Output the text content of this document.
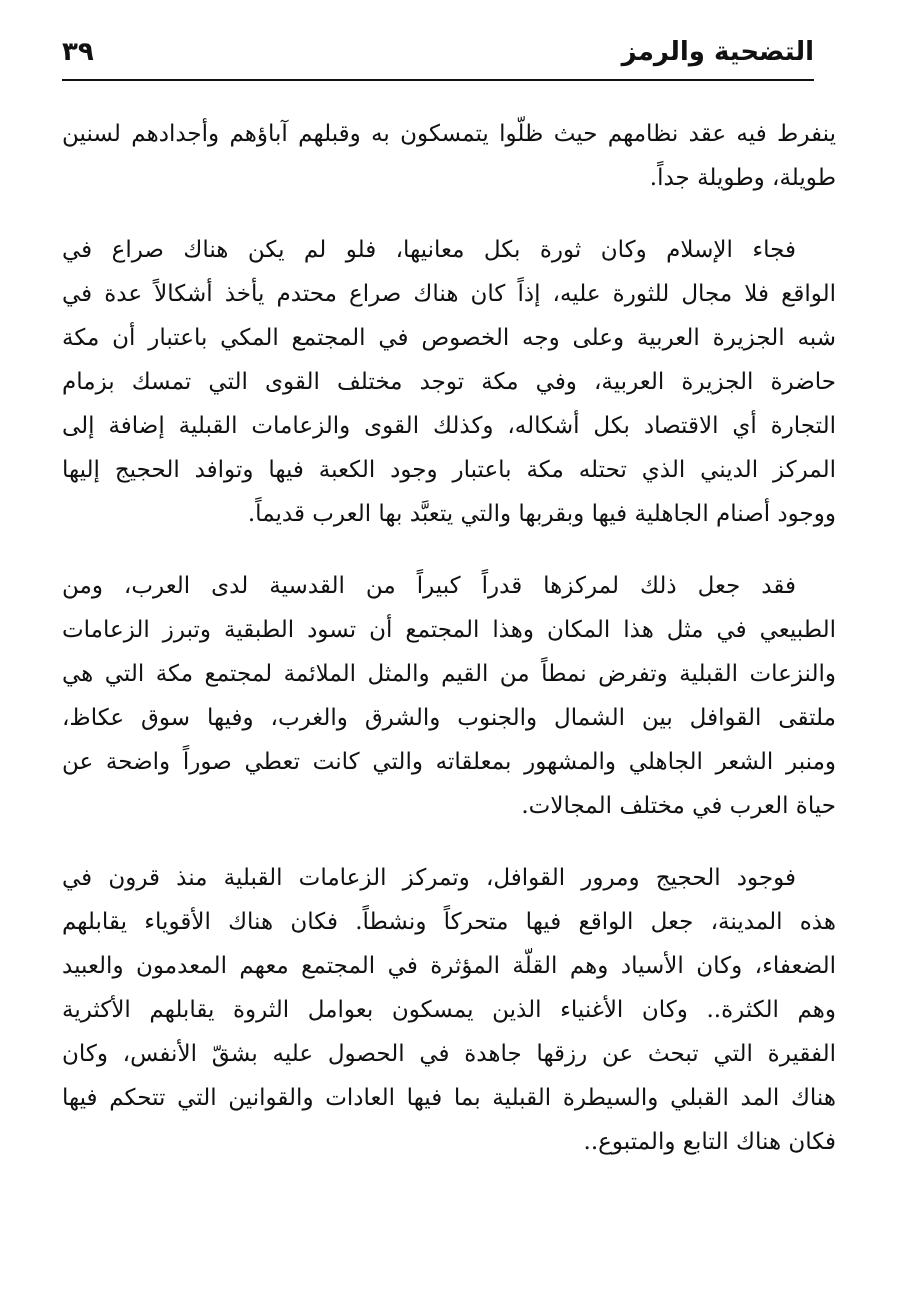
التضحية والرمز
٣٩
ينفرط فيه عقد نظامهم حيث ظلّوا يتمسكون به وقبلهم آباؤهم وأجدادهم لسنين
طويلة، وطويلة جداً.
فجاء الإسلام وكان ثورة بكل معانيها، فلو لم يكن هناك صراع في
الواقع فلا مجال للثورة عليه، إذاً كان هناك صراع محتدم يأخذ أشكالاً عدة في
شبه الجزيرة العربية وعلى وجه الخصوص في المجتمع المكي باعتبار أن مكة
حاضرة الجزيرة العربية، وفي مكة توجد مختلف القوى التي تمسك بزمام
التجارة أي الاقتصاد بكل أشكاله، وكذلك القوى والزعامات القبلية إضافة إلى
المركز الديني الذي تحتله مكة باعتبار وجود الكعبة فيها وتوافد الحجيج إليها
ووجود أصنام الجاهلية فيها وبقربها والتي يتعبَّد بها العرب قديماً.
فقد جعل ذلك لمركزها قدراً كبيراً من القدسية لدى العرب، ومن
الطبيعي في مثل هذا المكان وهذا المجتمع أن تسود الطبقية وتبرز الزعامات
والنزعات القبلية وتفرض نمطاً من القيم والمثل الملائمة لمجتمع مكة التي هي
ملتقى القوافل بين الشمال والجنوب والشرق والغرب، وفيها سوق عكاظ،
ومنبر الشعر الجاهلي والمشهور بمعلقاته والتي كانت تعطي صوراً واضحة عن
حياة العرب في مختلف المجالات.
فوجود الحجيج ومرور القوافل، وتمركز الزعامات القبلية منذ قرون في
هذه المدينة، جعل الواقع فيها متحركاً ونشطاً. فكان هناك الأقوياء يقابلهم
الضعفاء، وكان الأسياد وهم القلّة المؤثرة في المجتمع معهم المعدمون والعبيد
وهم الكثرة.. وكان الأغنياء الذين يمسكون بعوامل الثروة يقابلهم الأكثرية
الفقيرة التي تبحث عن رزقها جاهدة في الحصول عليه بشقّ الأنفس، وكان
هناك المد القبلي والسيطرة القبلية بما فيها العادات والقوانين التي تتحكم فيها
فكان هناك التابع والمتبوع..
